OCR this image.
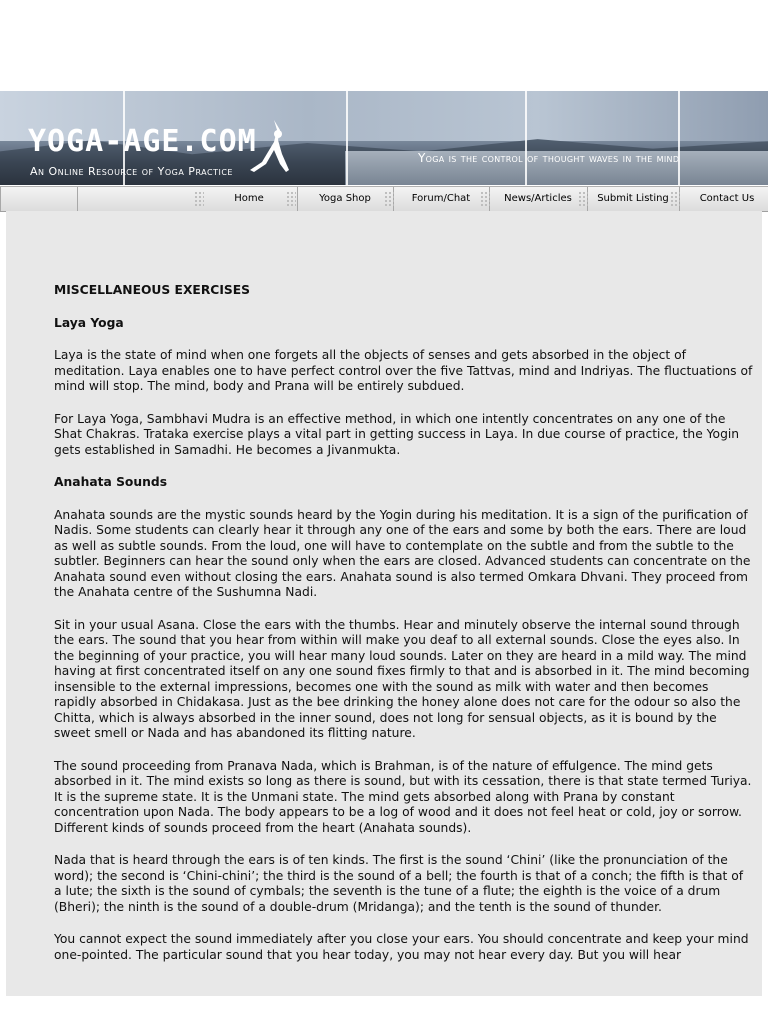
YOGA-AGE.COM
An Online Resource of Yoga Practice
Yoga is the control of thought waves in the mind
Home	Yoga Shop	Forum/Chat	News/Articles	Submit Listing	Contact Us
MISCELLANEOUS EXERCISES
Laya Yoga

Laya is the state of mind when one forgets all the objects of senses and gets absorbed in the object of meditation. Laya enables one to have perfect control over the five Tattvas, mind and Indriyas. The fluctuations of mind will stop. The mind, body and Prana will be entirely subdued.

For Laya Yoga, Sambhavi Mudra is an effective method, in which one intently concentrates on any one of the Shat Chakras. Trataka exercise plays a vital part in getting success in Laya. In due course of practice, the Yogin gets established in Samadhi. He becomes a Jivanmukta.

Anahata Sounds

Anahata sounds are the mystic sounds heard by the Yogin during his meditation. It is a sign of the purification of Nadis. Some students can clearly hear it through any one of the ears and some by both the ears. There are loud as well as subtle sounds. From the loud, one will have to contemplate on the subtle and from the subtle to the subtler. Beginners can hear the sound only when the ears are closed. Advanced students can concentrate on the Anahata sound even without closing the ears. Anahata sound is also termed Omkara Dhvani. They proceed from the Anahata centre of the Sushumna Nadi.

Sit in your usual Asana. Close the ears with the thumbs. Hear and minutely observe the internal sound through the ears. The sound that you hear from within will make you deaf to all external sounds. Close the eyes also. In the beginning of your practice, you will hear many loud sounds. Later on they are heard in a mild way. The mind having at first concentrated itself on any one sound fixes firmly to that and is absorbed in it. The mind becoming insensible to the external impressions, becomes one with the sound as milk with water and then becomes rapidly absorbed in Chidakasa. Just as the bee drinking the honey alone does not care for the odour so also the Chitta, which is always absorbed in the inner sound, does not long for sensual objects, as it is bound by the sweet smell or Nada and has abandoned its flitting nature.

The sound proceeding from Pranava Nada, which is Brahman, is of the nature of effulgence. The mind gets absorbed in it. The mind exists so long as there is sound, but with its cessation, there is that state termed Turiya. It is the supreme state. It is the Unmani state. The mind gets absorbed along with Prana by constant concentration upon Nada. The body appears to be a log of wood and it does not feel heat or cold, joy or sorrow. Different kinds of sounds proceed from the heart (Anahata sounds).

Nada that is heard through the ears is of ten kinds. The first is the sound ‘Chini’ (like the pronunciation of the word); the second is ‘Chini-chini’; the third is the sound of a bell; the fourth is that of a conch; the fifth is that of a lute; the sixth is the sound of cymbals; the seventh is the tune of a flute; the eighth is the voice of a drum (Bheri); the ninth is the sound of a double-drum (Mridanga); and the tenth is the sound of thunder.

You cannot expect the sound immediately after you close your ears. You should concentrate and keep your mind one-pointed. The particular sound that you hear today, you may not hear every day. But you will hear
